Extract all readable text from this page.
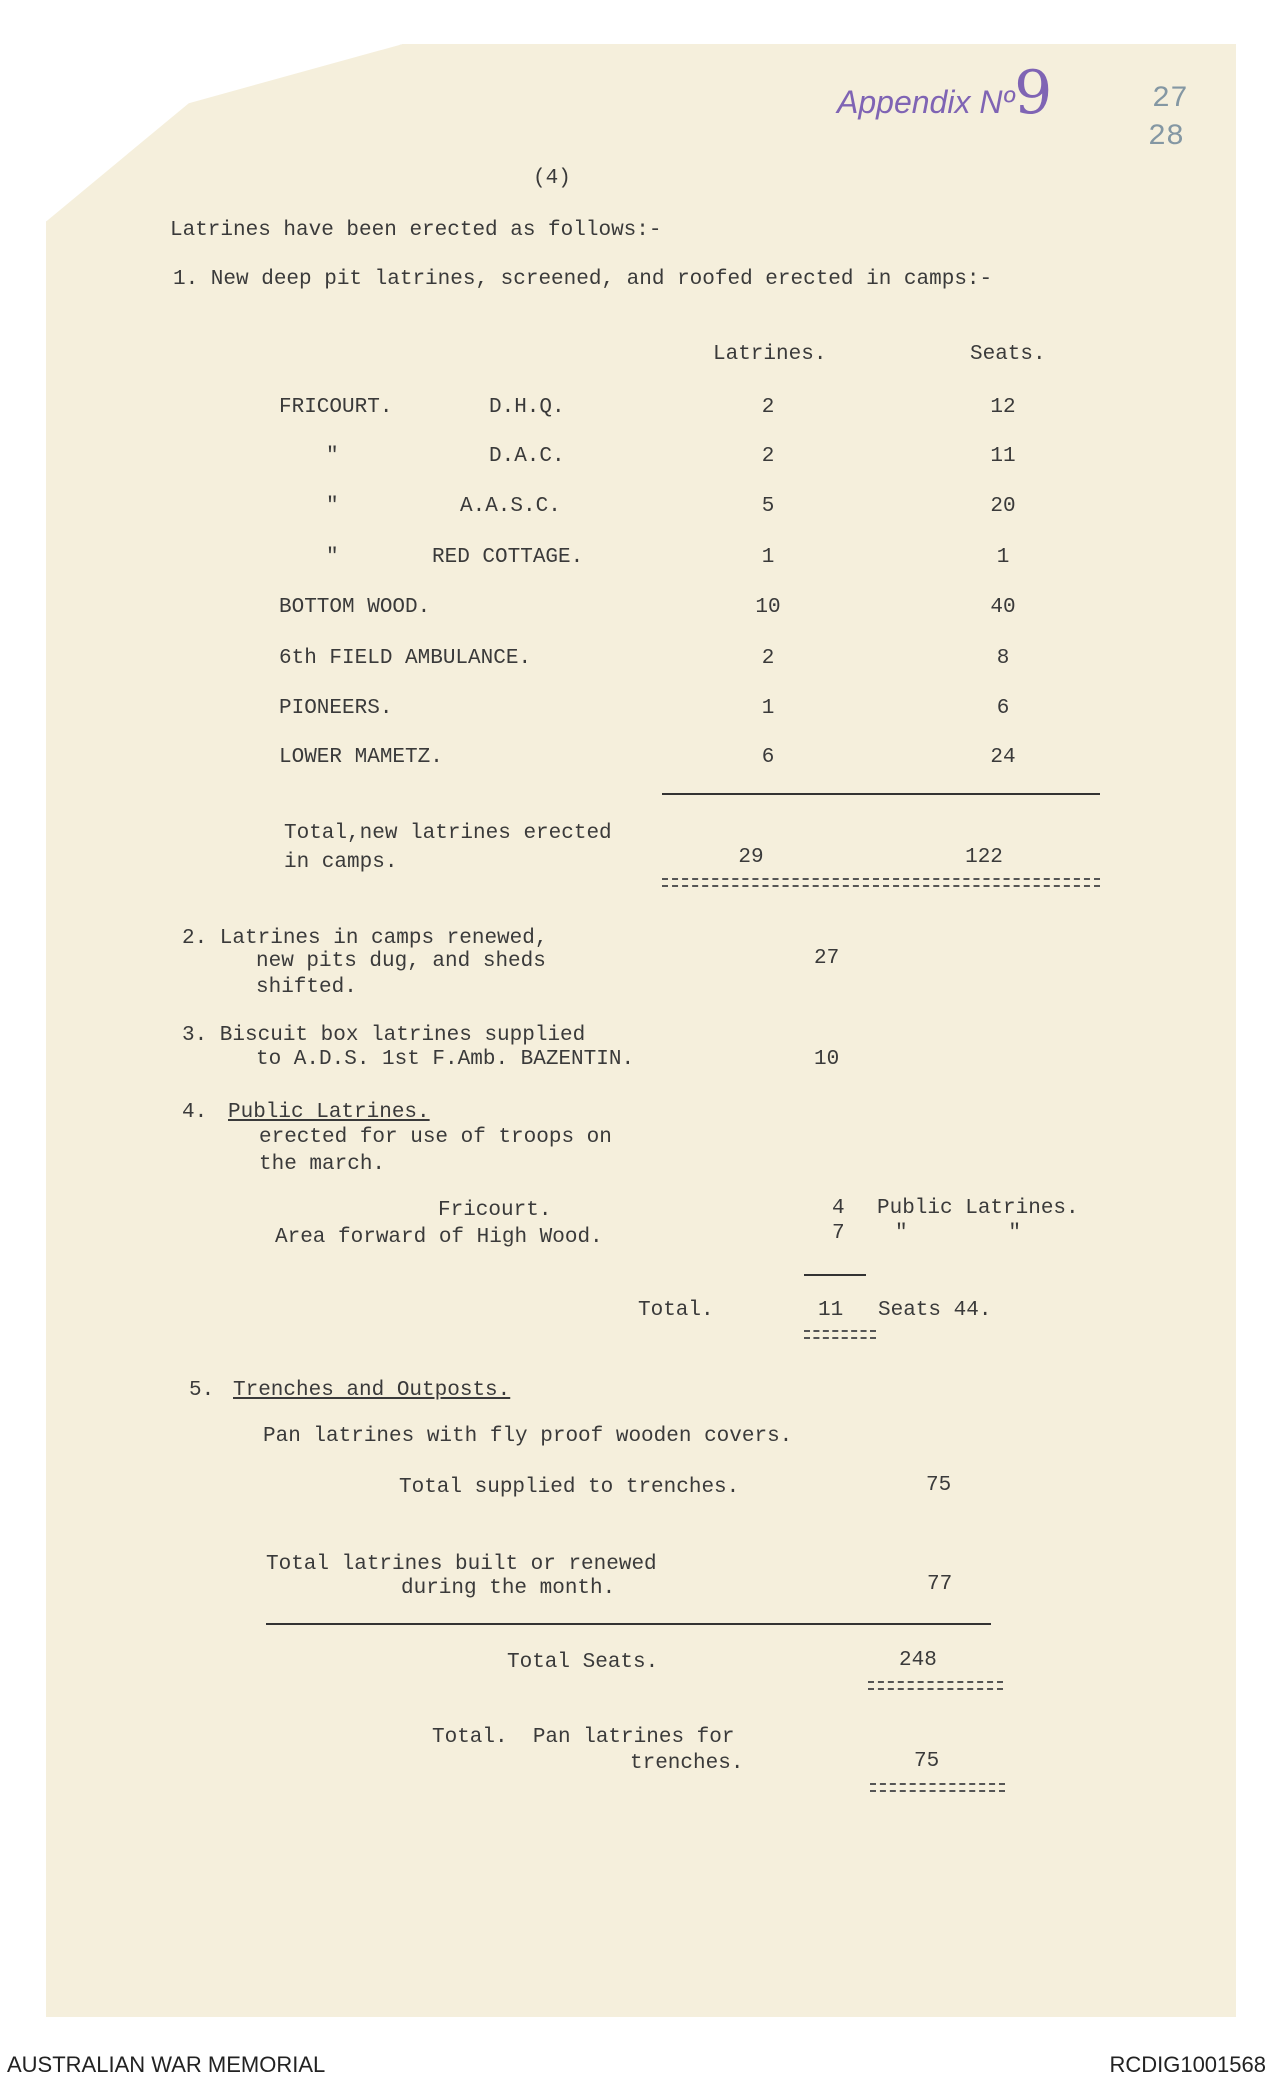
Appendix Nº9	27
28
(4)
Latrines have been erected as follows:-
1. New deep pit latrines, screened, and roofed erected in camps:-
Latrines.	Seats.
FRICOURT.	D.H.Q.	2	12
"	D.A.C.	2	11
"	A.A.S.C.	5	20
"	RED COTTAGE.	1	1
BOTTOM WOOD.	10	40
6th FIELD AMBULANCE.	2	8
PIONEERS.	1	6
LOWER MAMETZ.	6	24
Total,new latrines erected
in camps.	29	122
2. Latrines in camps renewed,
new pits dug, and sheds
shifted.
27
3. Biscuit box latrines supplied
to A.D.S. 1st F.Amb. BAZENTIN.	10
4. Public Latrines.
erected for use of troops on
the march.
Fricourt.	4 Public Latrines.
Area forward of High Wood.	7 "        "
Total.	11 Seats 44.
5. Trenches and Outposts.
Pan latrines with fly proof wooden covers.
Total supplied to trenches.	75
Total latrines built or renewed
during the month.	77
Total Seats.	248
Total.  Pan latrines for
trenches.	75
AUSTRALIAN WAR MEMORIAL	RCDIG1001568
